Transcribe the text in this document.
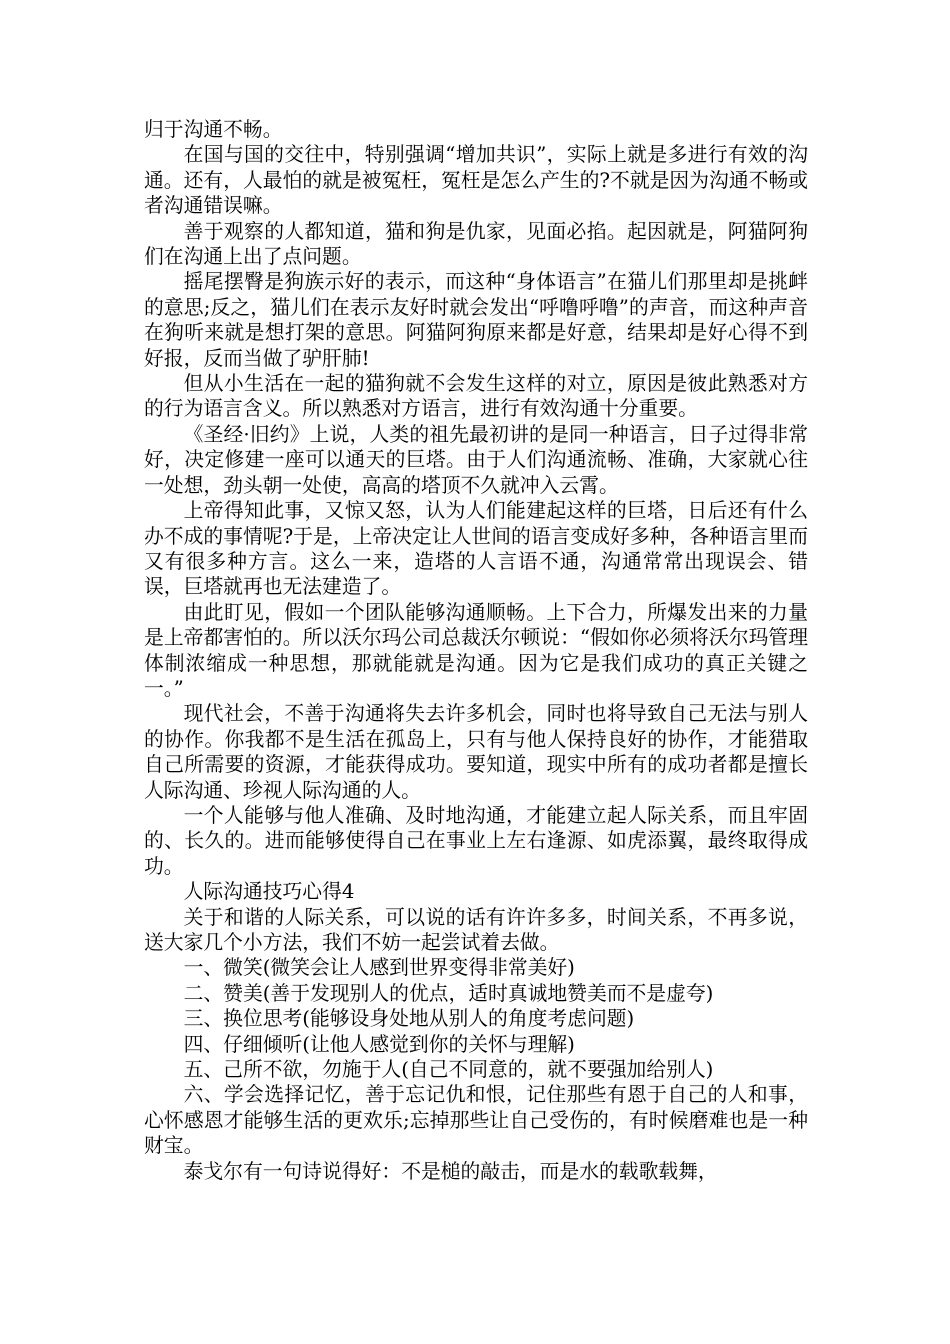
归于沟通不畅。

在国与国的交往中，特别强调“增加共识”，实际上就是多进行有效的沟通。还有，人最怕的就是被冤枉，冤枉是怎么产生的?不就是因为沟通不畅或者沟通错误嘛。

善于观察的人都知道，猫和狗是仇家，见面必掐。起因就是，阿猫阿狗们在沟通上出了点问题。

摇尾摆臀是狗族示好的表示，而这种“身体语言”在猫儿们那里却是挑衅的意思;反之，猫儿们在表示友好时就会发出“呼噜呼噜”的声音，而这种声音在狗听来就是想打架的意思。阿猫阿狗原来都是好意，结果却是好心得不到好报，反而当做了驴肝肺!

但从小生活在一起的猫狗就不会发生这样的对立，原因是彼此熟悉对方的行为语言含义。所以熟悉对方语言，进行有效沟通十分重要。

《圣经·旧约》上说，人类的祖先最初讲的是同一种语言，日子过得非常好，决定修建一座可以通天的巨塔。由于人们沟通流畅、准确，大家就心往一处想，劲头朝一处使，高高的塔顶不久就冲入云霄。

上帝得知此事，又惊又怒，认为人们能建起这样的巨塔，日后还有什么办不成的事情呢?于是，上帝决定让人世间的语言变成好多种，各种语言里而又有很多种方言。这么一来，造塔的人言语不通，沟通常常出现误会、错误，巨塔就再也无法建造了。

由此盯见，假如一个团队能够沟通顺畅。上下合力，所爆发出来的力量是上帝都害怕的。所以沃尔玛公司总裁沃尔顿说：“假如你必须将沃尔玛管理体制浓缩成一种思想，那就能就是沟通。因为它是我们成功的真正关键之一。”

现代社会，不善于沟通将失去许多机会，同时也将导致自己无法与别人的协作。你我都不是生活在孤岛上，只有与他人保持良好的协作，才能猎取自己所需要的资源，才能获得成功。要知道，现实中所有的成功者都是擅长人际沟通、珍视人际沟通的人。

一个人能够与他人准确、及时地沟通，才能建立起人际关系，而且牢固的、长久的。进而能够使得自己在事业上左右逢源、如虎添翼，最终取得成功。

人际沟通技巧心得4

关于和谐的人际关系，可以说的话有许许多多，时间关系，不再多说，送大家几个小方法，我们不妨一起尝试着去做。

一、微笑(微笑会让人感到世界变得非常美好)

二、赞美(善于发现别人的优点，适时真诚地赞美而不是虚夸)

三、换位思考(能够设身处地从别人的角度考虑问题)

四、仔细倾听(让他人感觉到你的关怀与理解)

五、己所不欲，勿施于人(自己不同意的，就不要强加给别人)

六、学会选择记忆，善于忘记仇和恨，记住那些有恩于自己的人和事，心怀感恩才能够生活的更欢乐;忘掉那些让自己受伤的，有时候磨难也是一种财宝。

泰戈尔有一句诗说得好：不是槌的敲击，而是水的载歌载舞，
